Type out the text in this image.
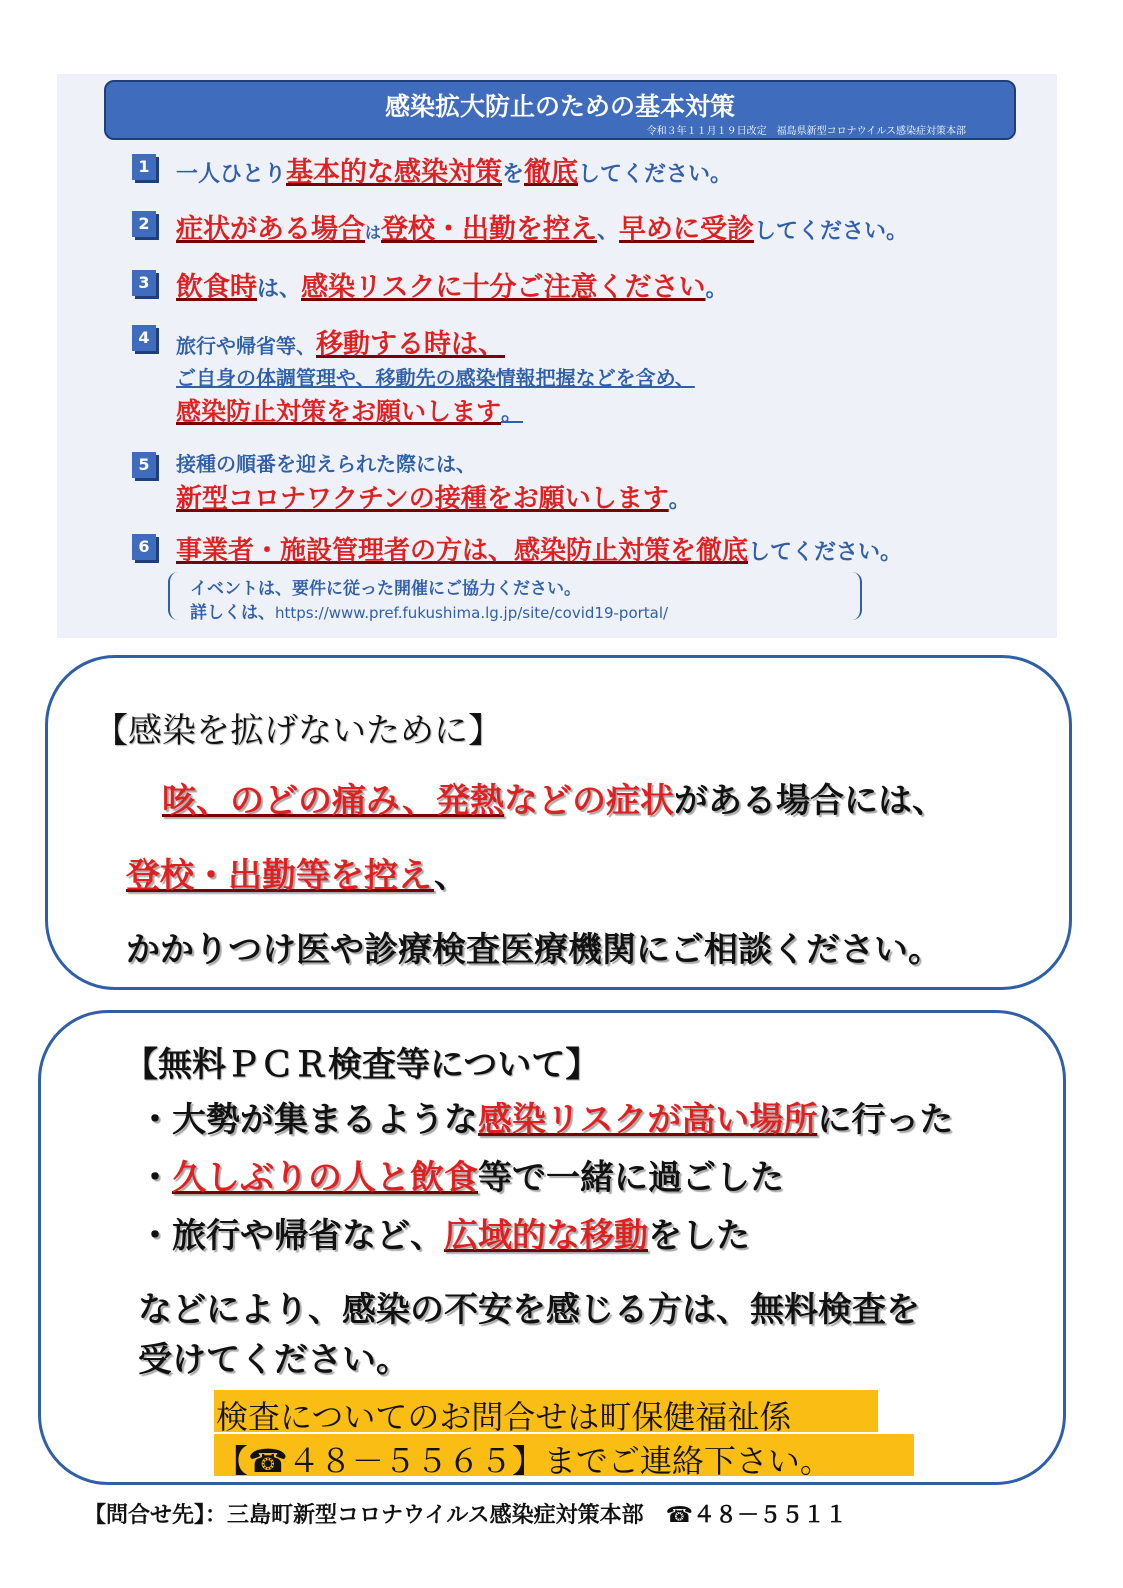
感染拡大防止のための基本対策
令和３年１１月１９日改定　福島県新型コロナウイルス感染症対策本部
1 一人ひとり基本的な感染対策を徹底してください。
2 症状がある場合は登校・出勤を控え、早めに受診してください。
3 飲食時は、感染リスクに十分ご注意ください。
4	旅行や帰省等、移動する時は、
ご自身の体調管理や、移動先の感染情報把握などを含め、
感染防止対策をお願いします。
5	接種の順番を迎えられた際には、
新型コロナワクチンの接種をお願いします。
6 事業者・施設管理者の方は、感染防止対策を徹底してください。
イベントは、要件に従った開催にご協力ください。
詳しくは、https://www.pref.fukushima.lg.jp/site/covid19-portal/
【感染を拡げないために】
咳、のどの痛み、発熱などの症状がある場合には、
登校・出勤等を控え、
かかりつけ医や診療検査医療機関にご相談ください。
【無料ＰＣＲ検査等について】
・大勢が集まるような感染リスクが高い場所に行った
・久しぶりの人と飲食等で一緒に過ごした
・旅行や帰省など、広域的な移動をした
などにより、感染の不安を感じる方は、無料検査を
受けてください。
検査についてのお問合せは町保健福祉係
【☎４８－５５６５】までご連絡下さい。
【問合せ先】：三島町新型コロナウイルス感染症対策本部　☎４８－５５１１
